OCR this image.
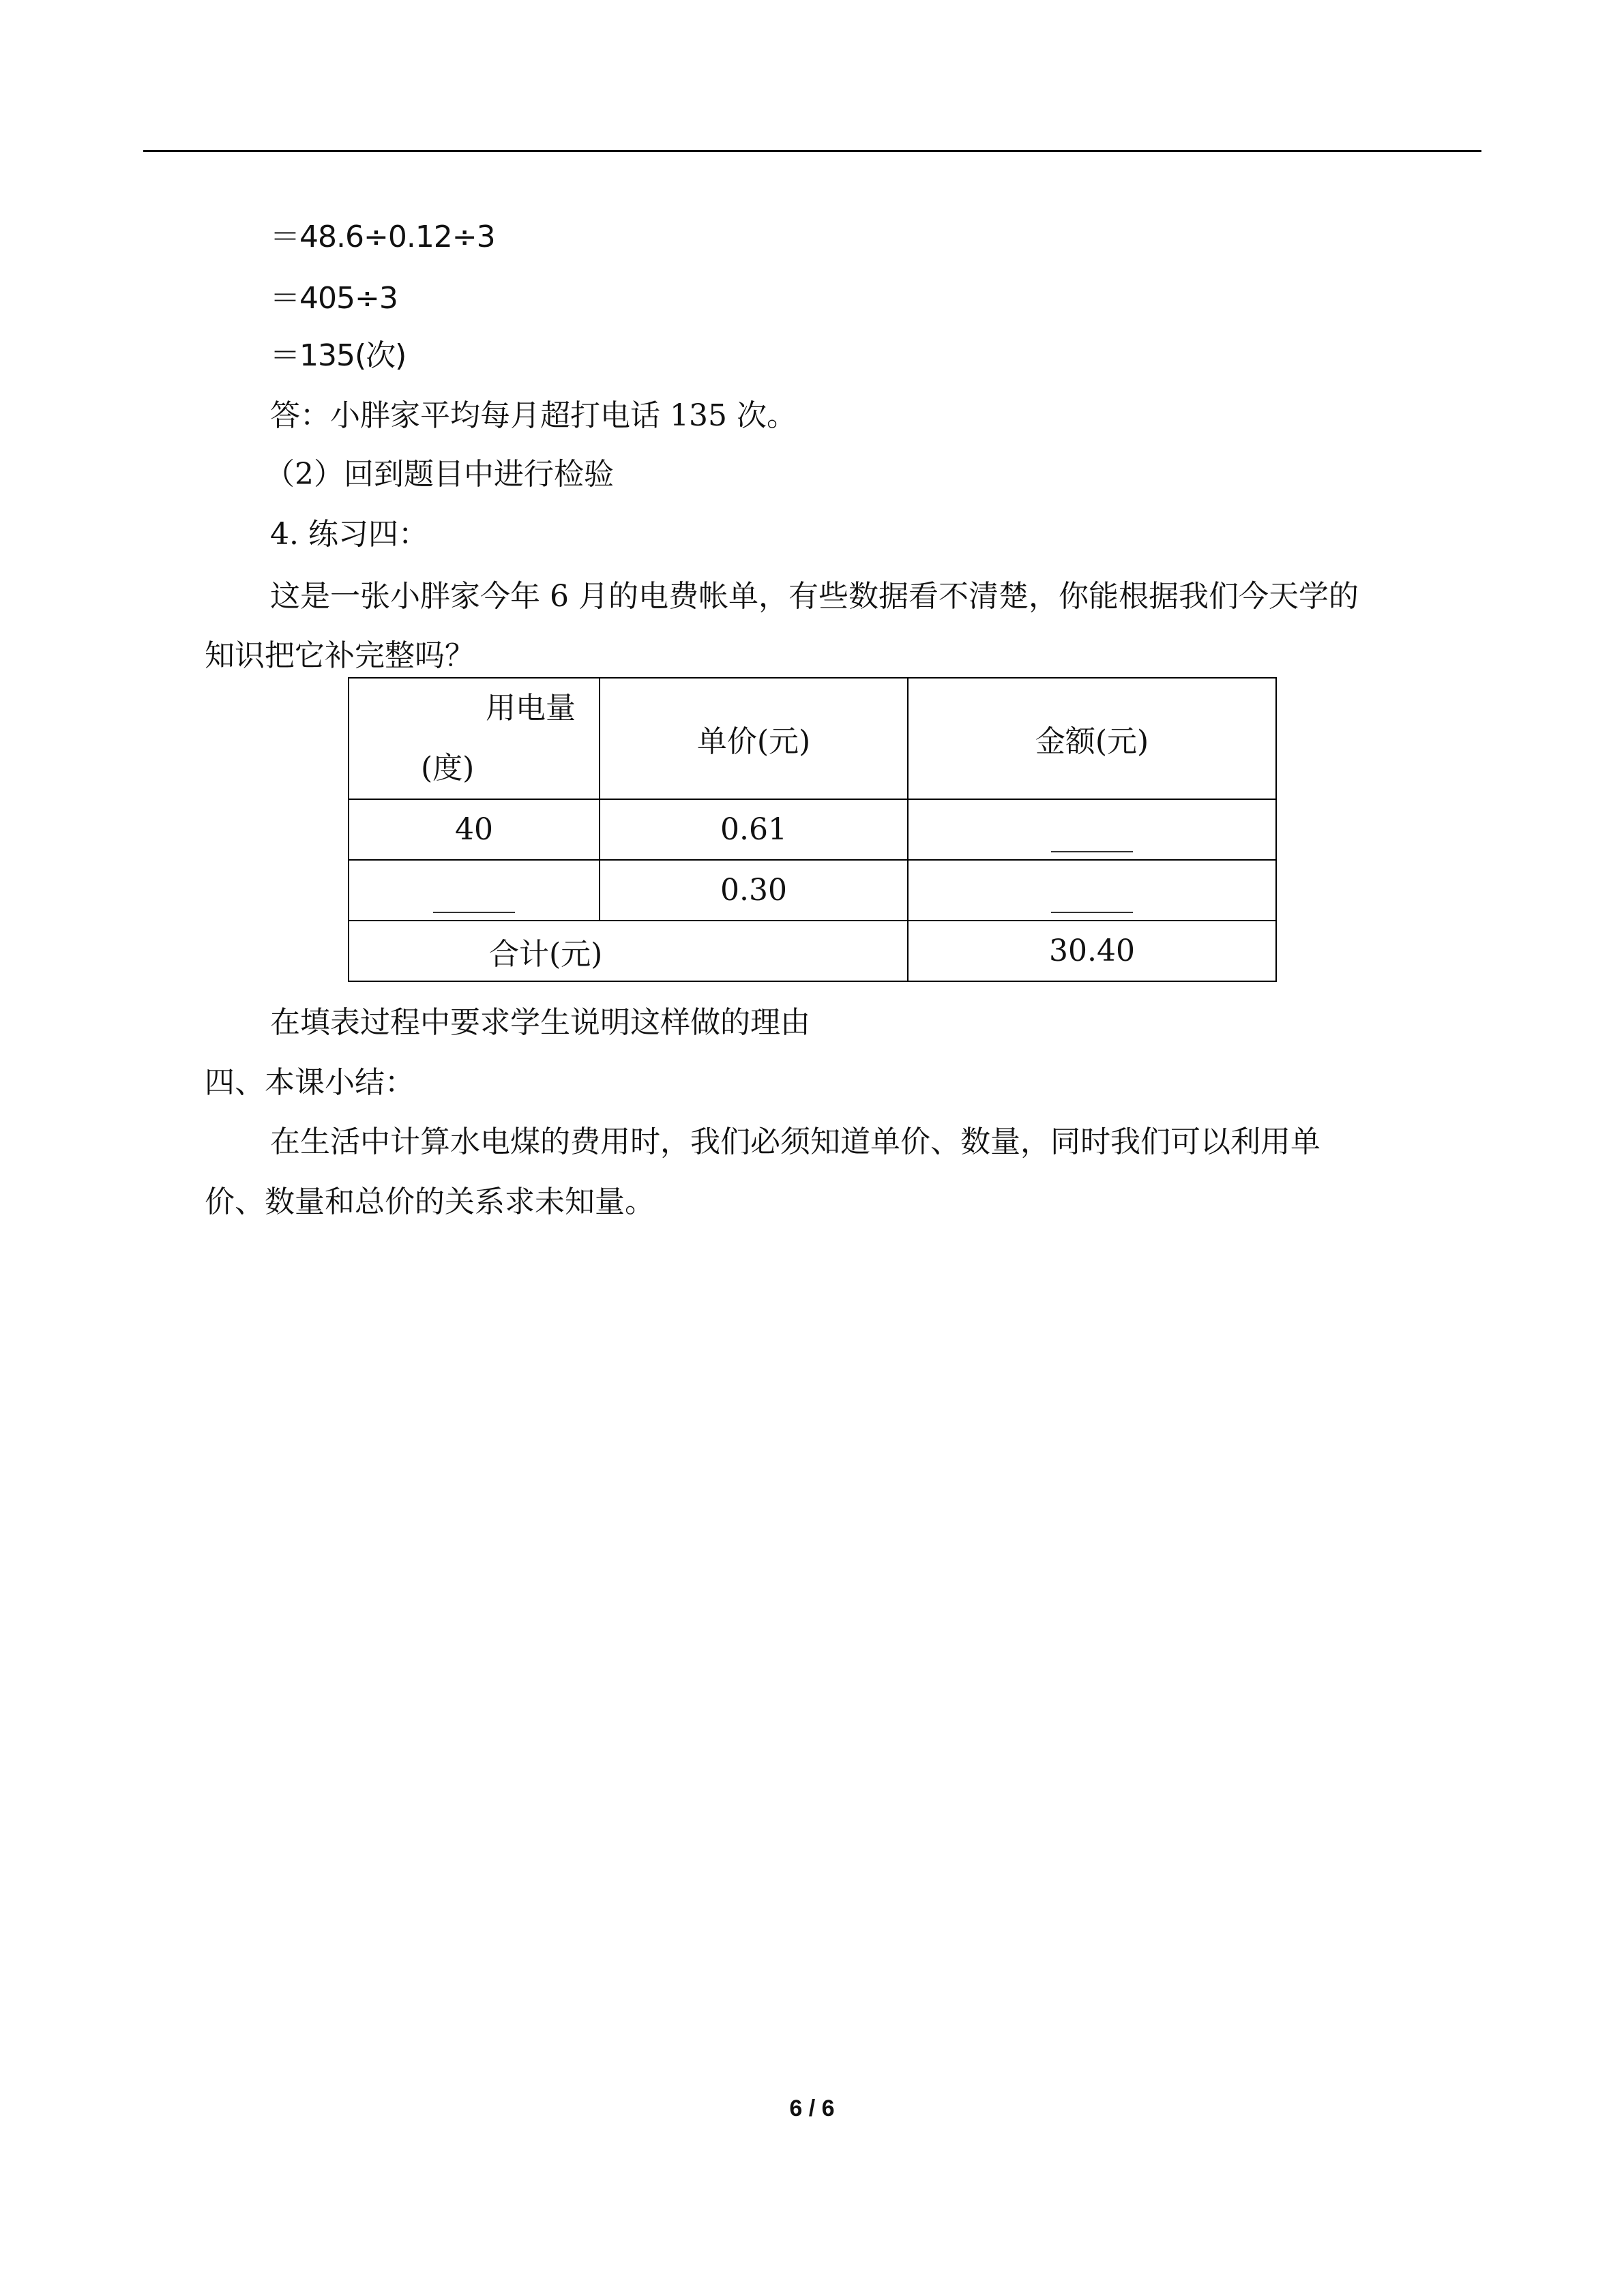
＝48.6÷0.12÷3
＝405÷3
＝135(次)
答：小胖家平均每月超打电话 135 次。
（2）回到题目中进行检验
4. 练习四：
这是一张小胖家今年 6 月的电费帐单，有些数据看不清楚，你能根据我们今天学的
知识把它补完整吗？
用电量
(度)	单价(元)	金额(元)
40	0.61	
	0.30	
合计(元)		30.40
在填表过程中要求学生说明这样做的理由
四、本课小结：
在生活中计算水电煤的费用时，我们必须知道单价、数量，同时我们可以利用单
价、数量和总价的关系求未知量。
6 / 6
